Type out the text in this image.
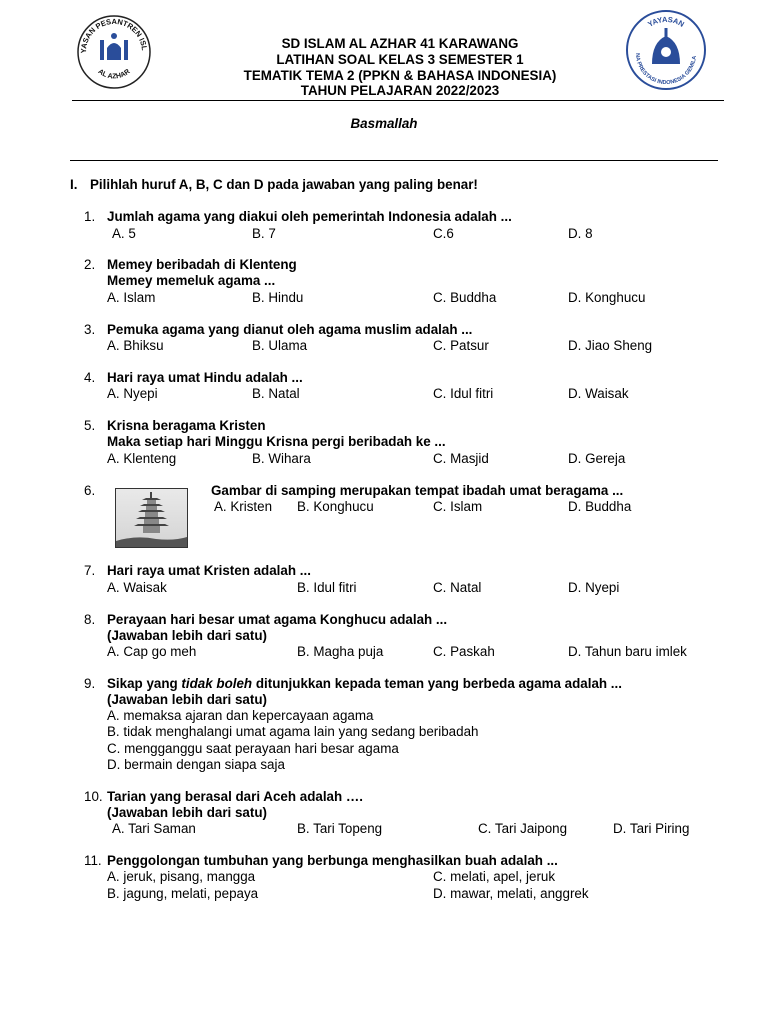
YASAN PESANTREN ISL
AL AZHAR
SD ISLAM AL AZHAR 41 KARAWANG
LATIHAN SOAL KELAS 3 SEMESTER 1
TEMATIK TEMA 2 (PPKN & BAHASA INDONESIA)
TAHUN PELAJARAN 2022/2023
YAYASAN
NA PRESTASI INDONESIA GEMILA
Basmallah
I. Pilihlah huruf A, B, C dan D pada jawaban yang paling benar!
1. Jumlah agama yang diakui oleh pemerintah Indonesia adalah ...
A. 5	B. 7	C.6	D. 8
2. Memey beribadah di Klenteng
Memey memeluk agama ...
A. Islam	B. Hindu	C. Buddha	D. Konghucu
3. Pemuka agama yang dianut oleh agama muslim adalah ...
A. Bhiksu	B. Ulama	C. Patsur	D. Jiao Sheng
4. Hari raya umat Hindu adalah ...
A. Nyepi	B. Natal	C. Idul fitri	D. Waisak
5. Krisna beragama Kristen
Maka setiap hari Minggu Krisna pergi beribadah ke ...
A. Klenteng	B. Wihara	C. Masjid	D. Gereja
6.	Gambar di samping merupakan tempat ibadah umat beragama ...
A. Kristen B. Konghucu	C. Islam	D. Buddha
7. Hari raya umat Kristen adalah ...
A. Waisak	B. Idul fitri	C. Natal	D. Nyepi
8. Perayaan hari besar umat agama Konghucu adalah ...
(Jawaban lebih dari satu)
A. Cap go meh	B. Magha puja	C. Paskah	D. Tahun baru imlek
9. Sikap yang tidak boleh ditunjukkan kepada teman yang berbeda agama adalah ...
(Jawaban lebih dari satu)
A. memaksa ajaran dan kepercayaan agama
B. tidak menghalangi umat agama lain yang sedang beribadah
C. mengganggu saat perayaan hari besar agama
D. bermain dengan siapa saja
10. Tarian yang berasal dari Aceh adalah ….
(Jawaban lebih dari satu)
A. Tari Saman	B. Tari Topeng	C. Tari Jaipong	D. Tari Piring
11. Penggolongan tumbuhan yang berbunga menghasilkan buah adalah ...
A. jeruk, pisang, mangga	C. melati, apel, jeruk
B. jagung, melati, pepaya	D. mawar, melati, anggrek
